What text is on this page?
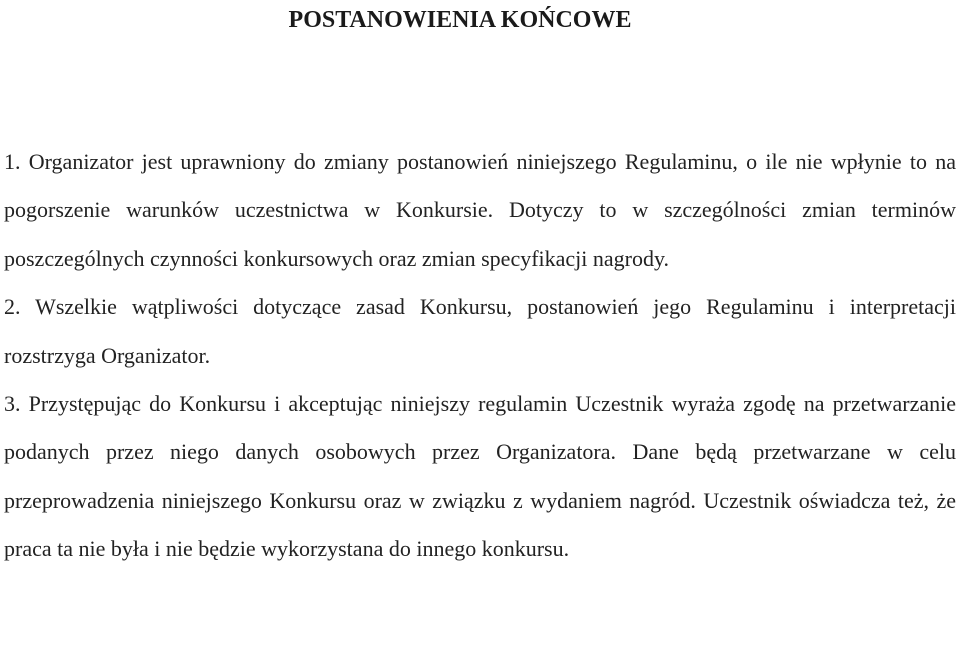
POSTANOWIENIA KOŃCOWE

1. Organizator jest uprawniony do zmiany postanowień niniejszego Regulaminu, o ile nie wpłynie to na pogorszenie warunków uczestnictwa w Konkursie. Dotyczy to w szczególności zmian terminów poszczególnych czynności konkursowych oraz zmian specyfikacji nagrody.

2. Wszelkie wątpliwości dotyczące zasad Konkursu, postanowień jego Regulaminu i interpretacji rozstrzyga Organizator.

3. Przystępując do Konkursu i akceptując niniejszy regulamin Uczestnik wyraża zgodę na przetwarzanie podanych przez niego danych osobowych przez Organizatora. Dane będą przetwarzane w celu przeprowadzenia niniejszego Konkursu oraz w związku z wydaniem nagród. Uczestnik oświadcza też, że praca ta nie była i nie będzie wykorzystana do innego konkursu.
